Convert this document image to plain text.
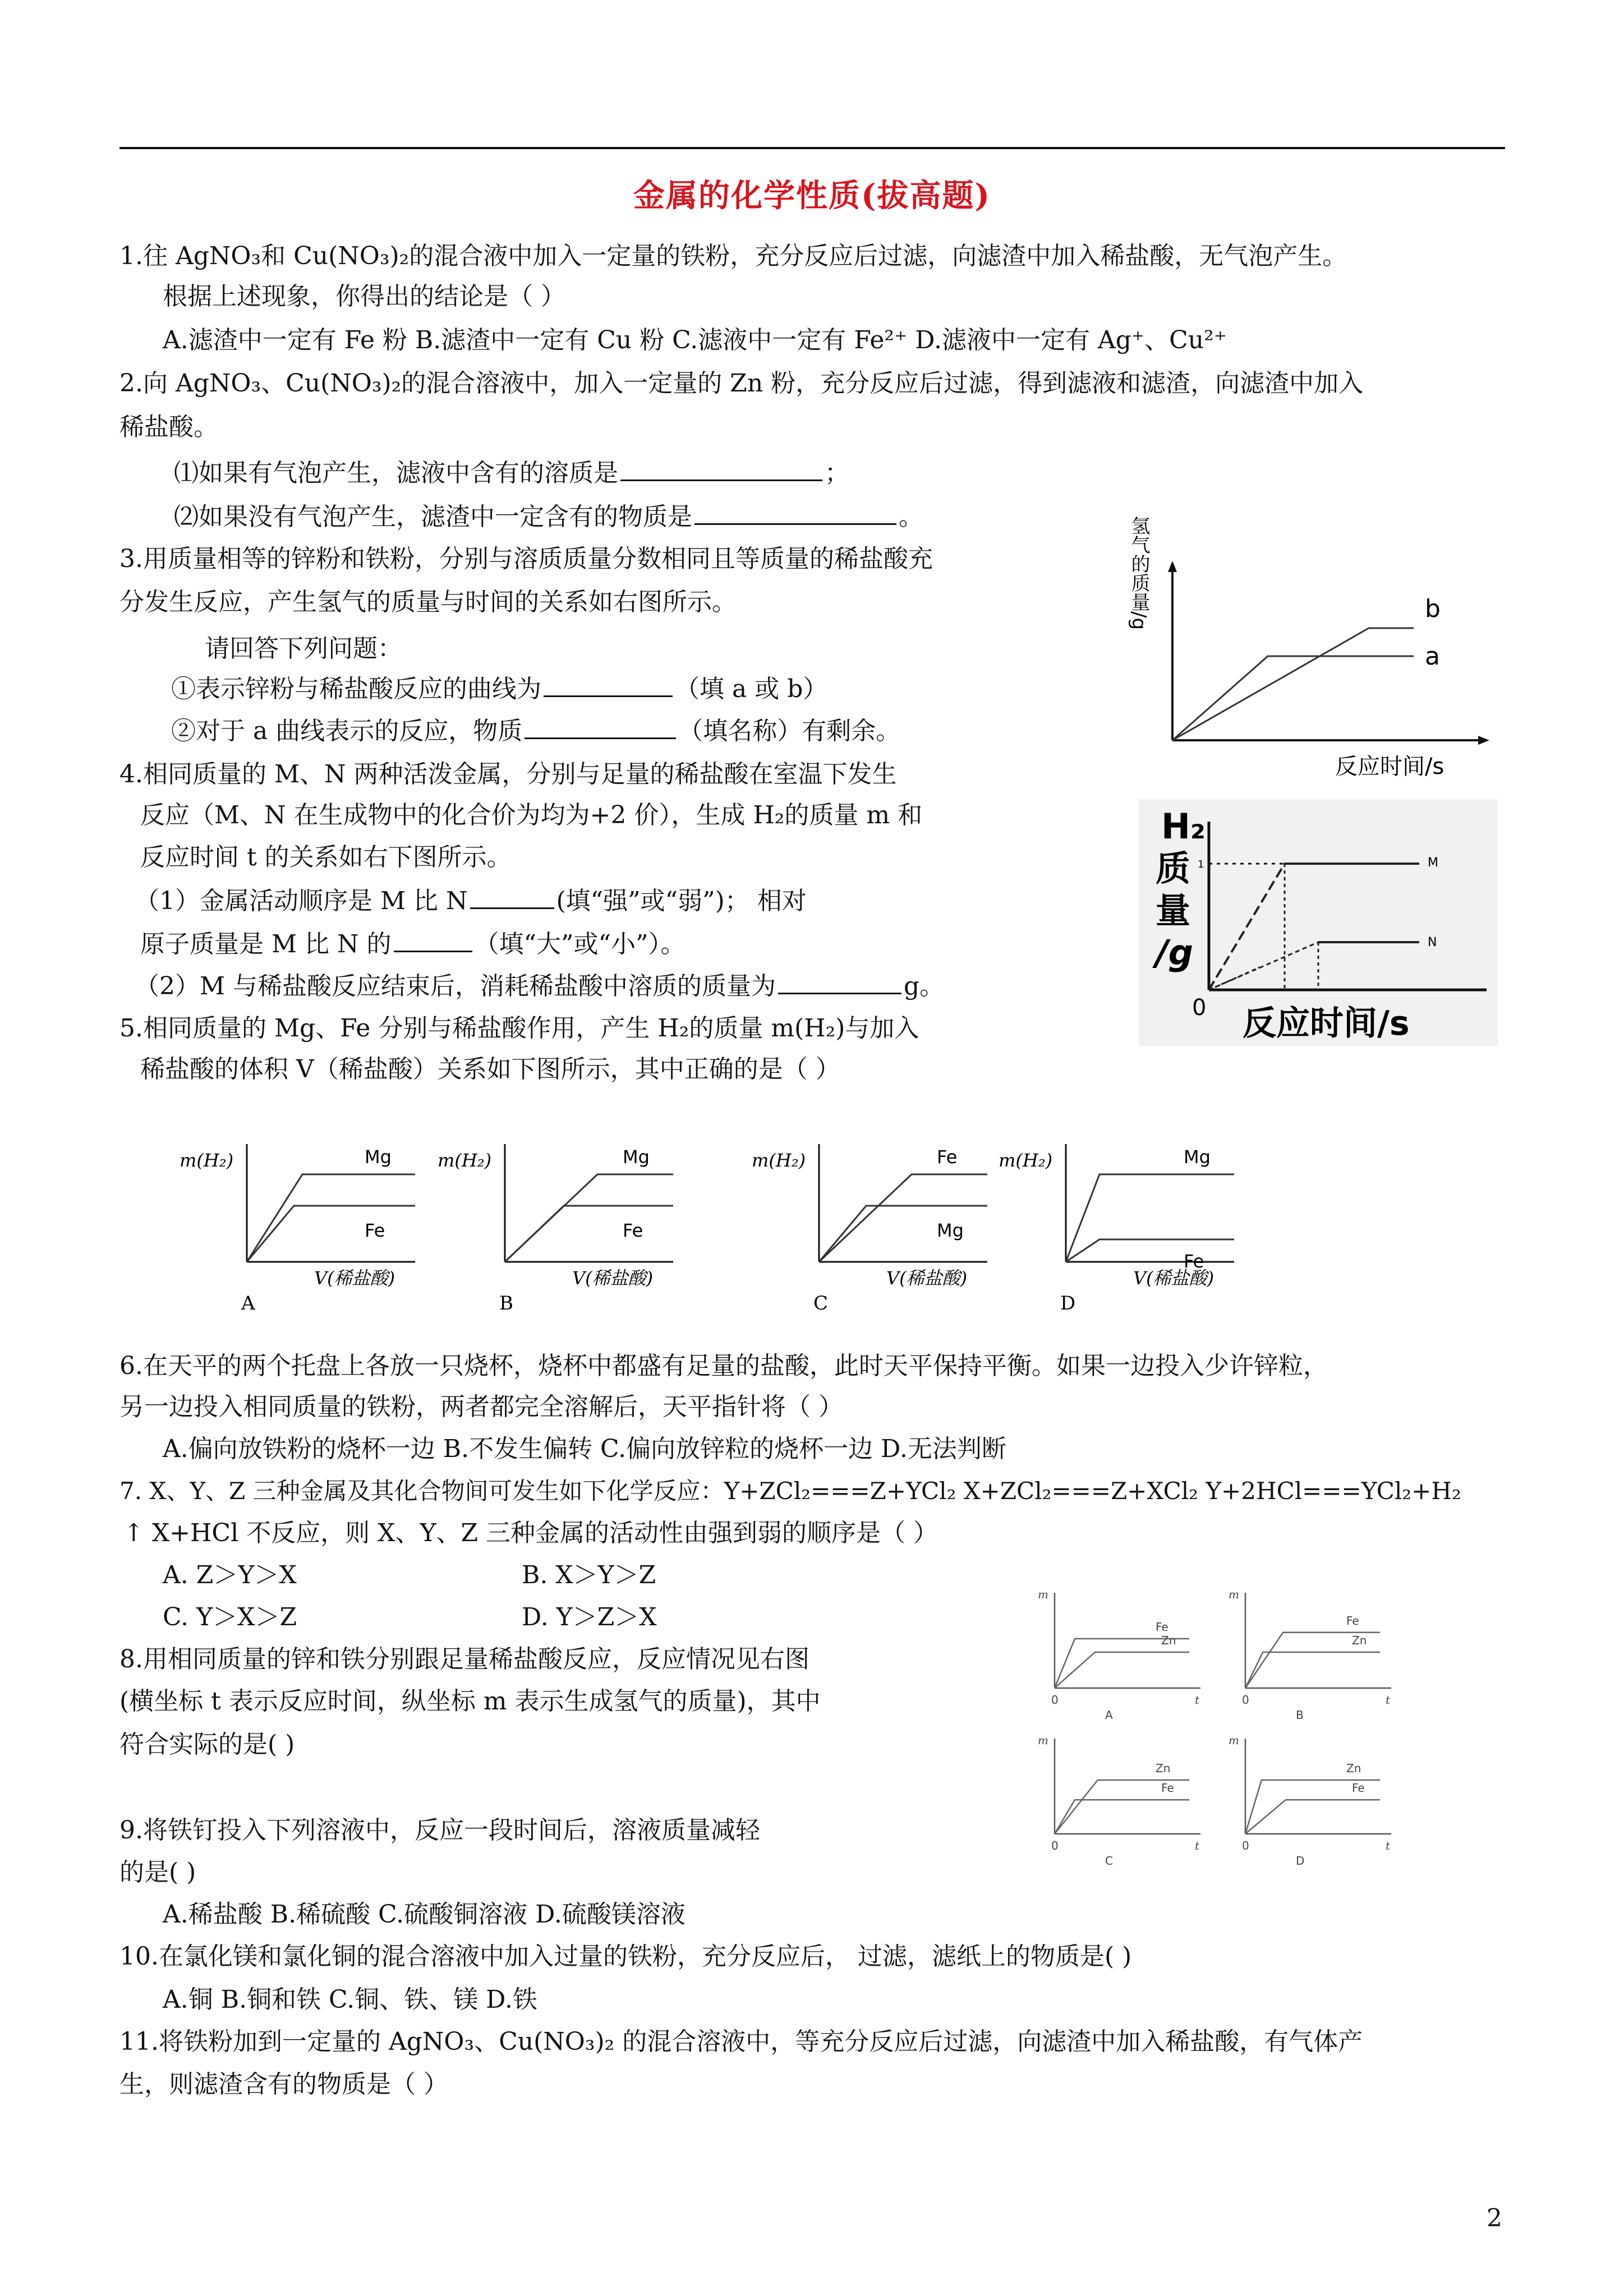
金属的化学性质(拔高题)
1.往 AgNO₃和 Cu(NO₃)₂的混合液中加入一定量的铁粉，充分反应后过滤，向滤渣中加入稀盐酸，无气泡产生。
根据上述现象，你得出的结论是（ ）
A.滤渣中一定有 Fe 粉 B.滤渣中一定有 Cu 粉 C.滤液中一定有 Fe²⁺ D.滤液中一定有 Ag⁺、Cu²⁺
2.向 AgNO₃、Cu(NO₃)₂的混合溶液中，加入一定量的 Zn 粉，充分反应后过滤，得到滤液和滤渣，向滤渣中加入
稀盐酸。
⑴如果有气泡产生，滤液中含有的溶质是	；
⑵如果没有气泡产生，滤渣中一定含有的物质是	。
3.用质量相等的锌粉和铁粉，分别与溶质质量分数相同且等质量的稀盐酸充
分发生反应，产生氢气的质量与时间的关系如右图所示。
请回答下列问题：
①表示锌粉与稀盐酸反应的曲线为	（填 a 或 b）
②对于 a 曲线表示的反应，物质	（填名称）有剩余。
氢气的质量/g	b
a
反应时间/s
4.相同质量的 M、N 两种活泼金属，分别与足量的稀盐酸在室温下发生
反应（M、N 在生成物中的化合价为均为+2 价），生成 H₂的质量 m 和
反应时间 t 的关系如右下图所示。
（1）金属活动顺序是 M 比 N	(填“强”或“弱”)； 相对
原子质量是 M 比 N 的	（填“大”或“小”）。
（2）M 与稀盐酸反应结束后，消耗稀盐酸中溶质的质量为	g。
H₂
质
量
/g
0
1	M
N
反应时间/s
5.相同质量的 Mg、Fe 分别与稀盐酸作用，产生 H₂的质量 m(H₂)与加入
稀盐酸的体积 V（稀盐酸）关系如下图所示，其中正确的是（ ）
m(H₂)	Mg
Fe
V(稀盐酸)
A
m(H₂)	Mg
Fe
V(稀盐酸)
B
m(H₂)	Fe
Mg
V(稀盐酸)
C
m(H₂)	Mg
Fe
V(稀盐酸)
D
6.在天平的两个托盘上各放一只烧杯，烧杯中都盛有足量的盐酸，此时天平保持平衡。如果一边投入少许锌粒，
另一边投入相同质量的铁粉，两者都完全溶解后，天平指针将（ ）
A.偏向放铁粉的烧杯一边 B.不发生偏转 C.偏向放锌粒的烧杯一边 D.无法判断
7. X、Y、Z 三种金属及其化合物间可发生如下化学反应：Y+ZCl₂===Z+YCl₂ X+ZCl₂===Z+XCl₂ Y+2HCl===YCl₂+H₂
↑ X+HCl 不反应，则 X、Y、Z 三种金属的活动性由强到弱的顺序是（ ）
A. Z＞Y＞X	B. X＞Y＞Z
C. Y＞X＞Z	D. Y＞Z＞X
8.用相同质量的锌和铁分别跟足量稀盐酸反应，反应情况见右图
(横坐标 t 表示反应时间，纵坐标 m 表示生成氢气的质量)，其中
符合实际的是( )
m
t
0
Fe
Zn
A
m
t
0
Fe
Zn
B
m
t
0
Zn
Fe
C
m
t
0
Zn
Fe
D
9.将铁钉投入下列溶液中，反应一段时间后，溶液质量减轻
的是( )
A.稀盐酸 B.稀硫酸 C.硫酸铜溶液 D.硫酸镁溶液
10.在氯化镁和氯化铜的混合溶液中加入过量的铁粉，充分反应后， 过滤，滤纸上的物质是( )
A.铜 B.铜和铁 C.铜、铁、镁 D.铁
11.将铁粉加到一定量的 AgNO₃、Cu(NO₃)₂ 的混合溶液中，等充分反应后过滤，向滤渣中加入稀盐酸，有气体产
生，则滤渣含有的物质是（ ）
2
